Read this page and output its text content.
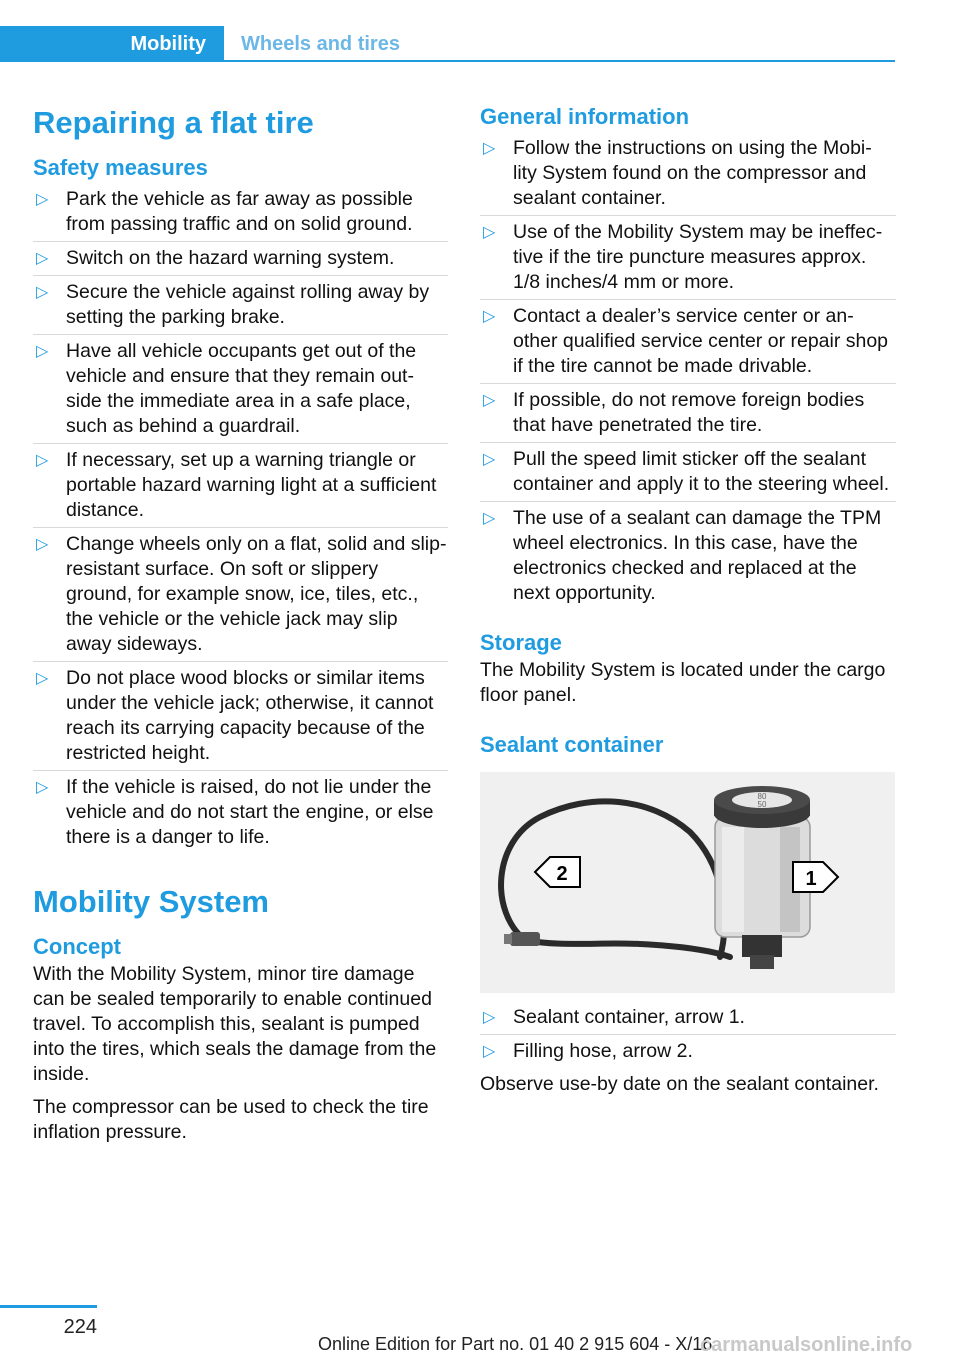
Mobility	Wheels and tires
Repairing a flat tire
Safety measures
▷ Park the vehicle as far away as possible from passing traffic and on solid ground.
▷ Switch on the hazard warning system.
▷ Secure the vehicle against rolling away by setting the parking brake.
▷ Have all vehicle occupants get out of the vehicle and ensure that they remain out- side the immediate area in a safe place, such as behind a guardrail.
▷ If necessary, set up a warning triangle or portable hazard warning light at a sufficient distance.
▷ Change wheels only on a flat, solid and slip-resistant surface. On soft or slippery ground, for example snow, ice, tiles, etc., the vehicle or the vehicle jack may slip away sideways.
▷ Do not place wood blocks or similar items under the vehicle jack; otherwise, it cannot reach its carrying capacity because of the restricted height.
▷ If the vehicle is raised, do not lie under the vehicle and do not start the engine, or else there is a danger to life.
Mobility System
Concept

With the Mobility System, minor tire damage can be sealed temporarily to enable continued travel. To accomplish this, sealant is pumped into the tires, which seals the damage from the inside.

The compressor can be used to check the tire inflation pressure.

General information
▷ Follow the instructions on using the Mobi- lity System found on the compressor and sealant container.
▷ Use of the Mobility System may be ineffec- tive if the tire puncture measures approx. 1/8 inches/4 mm or more.
▷ Contact a dealer’s service center or an- other qualified service center or repair shop if the tire cannot be made drivable.
▷ If possible, do not remove foreign bodies that have penetrated the tire.
▷ Pull the speed limit sticker off the sealant container and apply it to the steering wheel.
▷ The use of a sealant can damage the TPM wheel electronics. In this case, have the electronics checked and replaced at the next opportunity.
Storage

The Mobility System is located under the cargo floor panel.

Sealant container
80
50
2	1
▷ Sealant container, arrow 1.
▷ Filling hose, arrow 2.

Observe use-by date on the sealant container.

224
Online Edition for Part no. 01 40 2 915 604 - X/16
carmanualsonline.info
